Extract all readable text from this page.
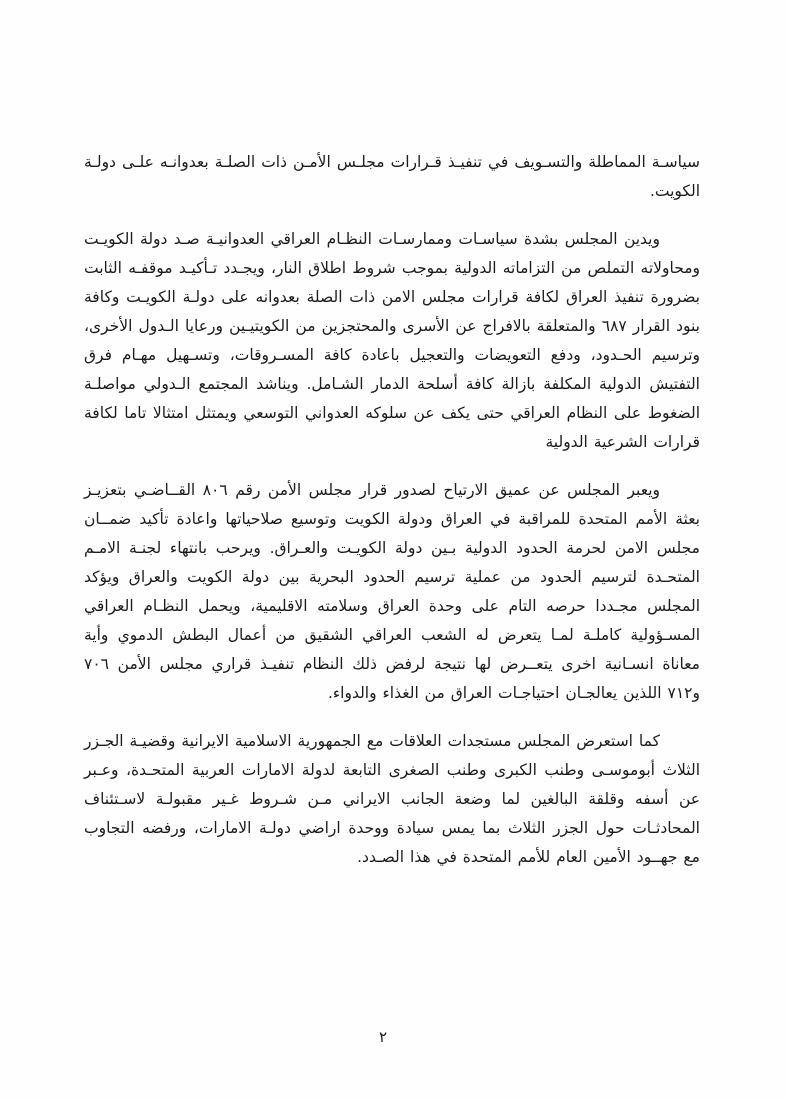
سياسـة المماطلة والتسـويف في تنفيـذ قـرارات مجلـس الأمـن ذات الصلـة بعدوانـه علـى دولـة الكويت.

ويدين المجلس بشدة سياسـات وممارسـات النظـام العراقي العدوانيـة صـد دولة الكويـت ومحاولاته التملص من التزاماته الدولية بموجب شروط اطلاق النار، ويجـدد تـأكيـد موقفـه الثابت بضرورة تنفيذ العراق لكافة قرارات مجلس الامن ذات الصلة بعدوانه على دولـة الكويـت وكافة بنود القرار ٦٨٧ والمتعلقة بالافراج عن الأسرى والمحتجزين من الكويتيـين ورعايا الـدول الأخرى، وترسيم الحـدود، ودفع التعويضات والتعجيل باعادة كافة المسـروقات، وتسـهيل مهـام فرق التفتيش الدولية المكلفة بازالة كافة أسلحة الدمار الشـامل. ويناشد المجتمع الـدولي مواصلـة الضغوط على النظام العراقي حتى يكف عن سلوكه العدواني التوسعي ويمتثل امتثالا تاما لكافة قرارات الشرعية الدولية

ويعبر المجلس عن عميق الارتياح لصدور قرار مجلس الأمن رقم ٨٠٦ القــاضـي بتعزيـز بعثة الأمم المتحدة للمراقبة في العراق ودولة الكويت وتوسيع صلاحياتها واعادة تأكيد ضمــان مجلس الامن لحرمة الحدود الدولية بـين دولة الكويـت والعـراق. ويرحب بانتهاء لجنـة الامـم المتحـدة لترسيم الحدود من عملية ترسيم الحدود البحرية بين دولة الكويت والعراق ويؤكد المجلس مجـددا حرصه التام على وحدة العراق وسلامته الاقليمية، ويحمل النظـام العراقي المسـؤولية كاملـة لمـا يتعرض له الشعب العراقي الشقيق من أعمال البطش الدموي وأية معاناة انسـانية اخرى يتعــرض لها نتيجة لرفض ذلك النظام تنفيـذ قراري مجلس الأمن ٧٠٦ و٧١٢ اللذين يعالجـان احتياجـات العراق من الغذاء والدواء.

كما استعرض المجلس مستجدات العلاقات مع الجمهورية الاسلامية الايرانية وقضيـة الجـزر الثلاث أبوموسـى وطنب الكبرى وطنب الصغرى التابعة لدولة الامارات العربية المتحـدة، وعـبر عن أسفه وقلقة البالغين لما وضعة الجانب الايراني مـن شـروط غـير مقبولـة لاسـتئناف المحادثـات حول الجزر الثلاث بما يمس سيادة ووحدة اراضي دولـة الامارات، ورفضه التجاوب مع جهــود الأمين العام للأمم المتحدة في هذا الصـدد.

٢
